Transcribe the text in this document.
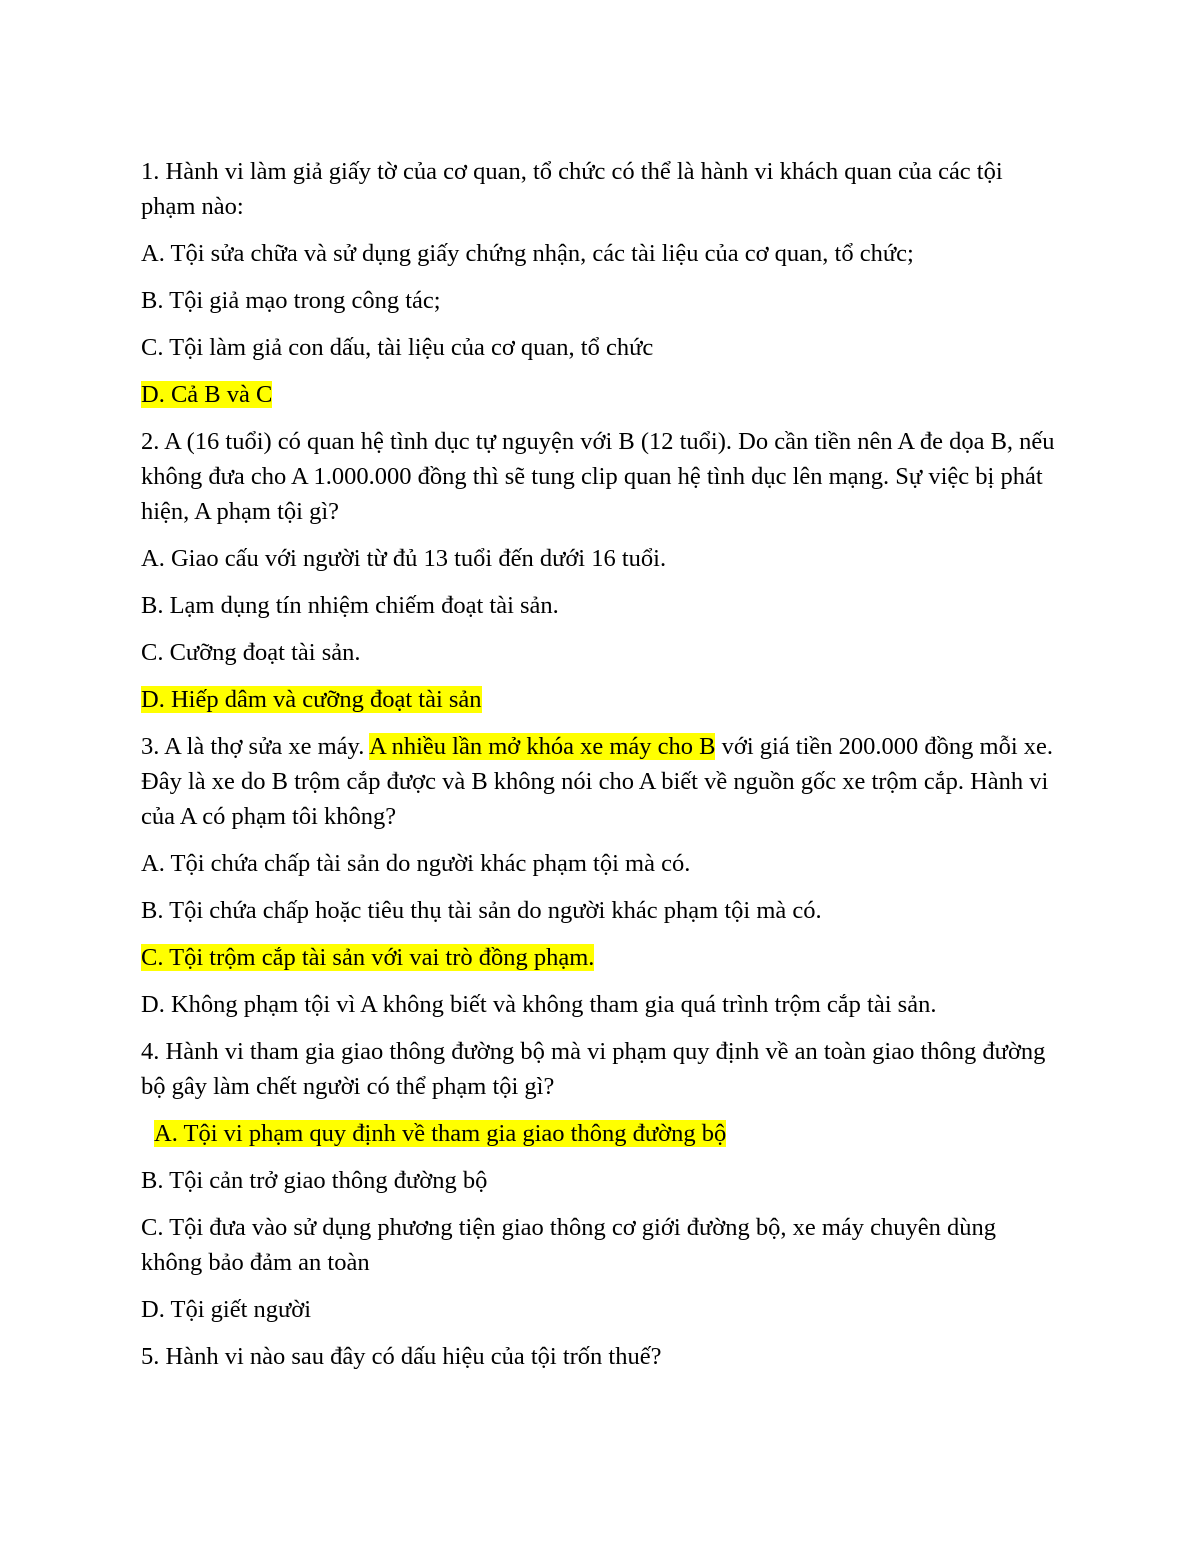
1. Hành vi làm giả giấy tờ của cơ quan, tổ chức có thể là hành vi khách quan của các tội phạm nào:

A. Tội sửa chữa và sử dụng giấy chứng nhận, các tài liệu của cơ quan, tổ chức;

B. Tội giả mạo trong công tác;

C. Tội làm giả con dấu, tài liệu của cơ quan, tổ chức

D. Cả B và C

2. A (16 tuổi) có quan hệ tình dục tự nguyện với B (12 tuổi). Do cần tiền nên A đe dọa B, nếu không đưa cho A 1.000.000 đồng thì sẽ tung clip quan hệ tình dục lên mạng. Sự việc bị phát hiện, A phạm tội gì?

A. Giao cấu với người từ đủ 13 tuổi đến dưới 16 tuổi.

B. Lạm dụng tín nhiệm chiếm đoạt tài sản.

C. Cưỡng đoạt tài sản.

D. Hiếp dâm và cưỡng đoạt tài sản

3. A là thợ sửa xe máy. A nhiều lần mở khóa xe máy cho B với giá tiền 200.000 đồng mỗi xe. Đây là xe do B trộm cắp được và B không nói cho A biết về nguồn gốc xe trộm cắp. Hành vi của A có phạm tôi không?

A. Tội chứa chấp tài sản do người khác phạm tội mà có.

B. Tội chứa chấp hoặc tiêu thụ tài sản do người khác phạm tội mà có.

C. Tội trộm cắp tài sản với vai trò đồng phạm.

D. Không phạm tội vì A không biết và không tham gia quá trình trộm cắp tài sản.

4. Hành vi tham gia giao thông đường bộ mà vi phạm quy định về an toàn giao thông đường bộ gây làm chết người có thể phạm tội gì?

A. Tội vi phạm quy định về tham gia giao thông đường bộ

B. Tội cản trở giao thông đường bộ

C. Tội đưa vào sử dụng phương tiện giao thông cơ giới đường bộ, xe máy chuyên dùng không bảo đảm an toàn

D. Tội giết người

5. Hành vi nào sau đây có dấu hiệu của tội trốn thuế?
